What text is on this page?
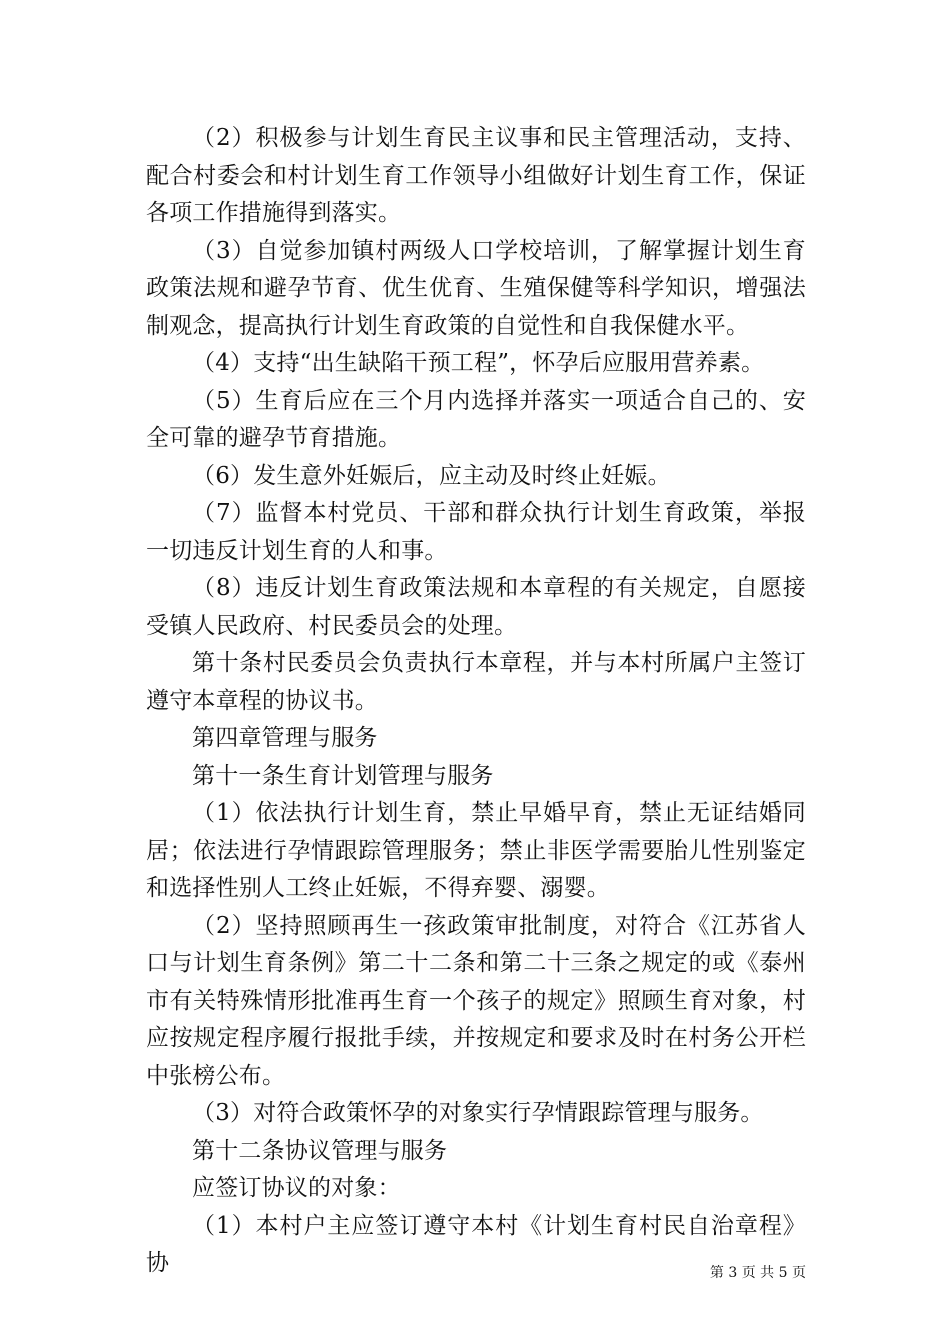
（2）积极参与计划生育民主议事和民主管理活动，支持、配合村委会和村计划生育工作领导小组做好计划生育工作，保证各项工作措施得到落实。

（3）自觉参加镇村两级人口学校培训，了解掌握计划生育政策法规和避孕节育、优生优育、生殖保健等科学知识，增强法制观念，提高执行计划生育政策的自觉性和自我保健水平。

（4）支持“出生缺陷干预工程”，怀孕后应服用营养素。

（5）生育后应在三个月内选择并落实一项适合自己的、安全可靠的避孕节育措施。

（6）发生意外妊娠后，应主动及时终止妊娠。

（7）监督本村党员、干部和群众执行计划生育政策，举报一切违反计划生育的人和事。

（8）违反计划生育政策法规和本章程的有关规定，自愿接受镇人民政府、村民委员会的处理。

第十条村民委员会负责执行本章程，并与本村所属户主签订遵守本章程的协议书。

第四章管理与服务

第十一条生育计划管理与服务

（1）依法执行计划生育，禁止早婚早育，禁止无证结婚同居；依法进行孕情跟踪管理服务；禁止非医学需要胎儿性别鉴定和选择性别人工终止妊娠，不得弃婴、溺婴。

（2）坚持照顾再生一孩政策审批制度，对符合《江苏省人口与计划生育条例》第二十二条和第二十三条之规定的或《泰州市有关特殊情形批准再生育一个孩子的规定》照顾生育对象，村应按规定程序履行报批手续，并按规定和要求及时在村务公开栏中张榜公布。

（3）对符合政策怀孕的对象实行孕情跟踪管理与服务。

第十二条协议管理与服务

应签订协议的对象：

（1）本村户主应签订遵守本村《计划生育村民自治章程》协	第 3 页 共 5 页
